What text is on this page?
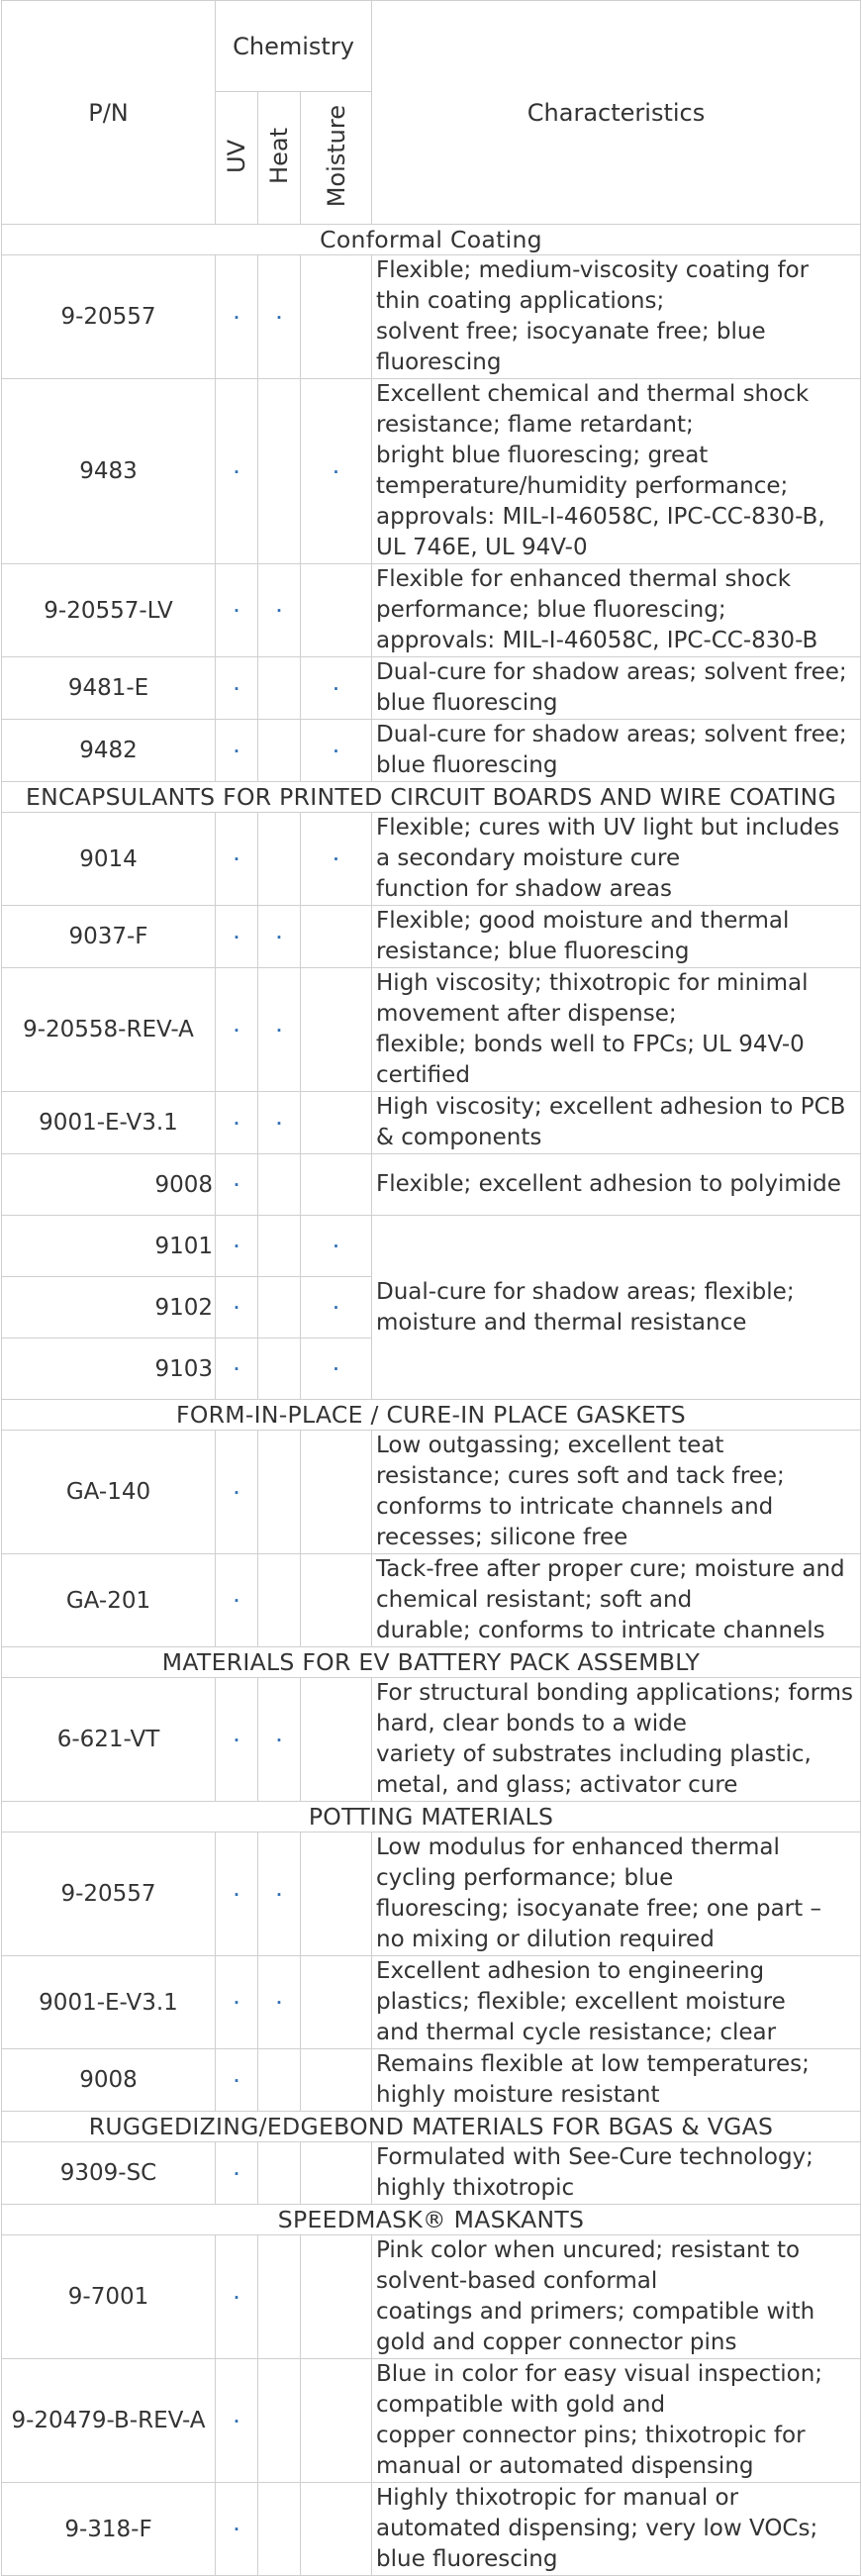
P/N	Chemistry			Characteristics
	UV	Heat	Moisture	
Conformal Coating				
9-20557	·	·		Flexible; medium-viscosity coating for thin coating applications;
solvent free; isocyanate free; blue fluorescing

9483	·		·	Excellent chemical and thermal shock resistance; flame retardant;
bright blue fluorescing; great temperature/humidity performance;
approvals: MIL-I-46058C, IPC-CC-830-B, UL 746E, UL 94V-0

9-20557-LV	·	·		Flexible for enhanced thermal shock performance; blue fluorescing;
approvals: MIL-I-46058C, IPC-CC-830-B

9481-E	·		·	Dual-cure for shadow areas; solvent free; blue fluorescing

9482	·		·	Dual-cure for shadow areas; solvent free; blue fluorescing

ENCAPSULANTS FOR PRINTED CIRCUIT BOARDS AND WIRE COATING				
9014	·		·	Flexible; cures with UV light but includes a secondary moisture cure
function for shadow areas

9037-F	·	·		Flexible; good moisture and thermal resistance; blue fluorescing

9-20558-REV-A	·	·		High viscosity; thixotropic for minimal movement after dispense;
flexible; bonds well to FPCs; UL 94V-0 certified

9001-E-V3.1	·	·		High viscosity; excellent adhesion to PCB & components

9008	·			Flexible; excellent adhesion to polyimide

9101	·		·	Dual-cure for shadow areas; flexible; moisture and thermal resistance

9102	·		·	
9103	·		·	
FORM-IN-PLACE / CURE-IN PLACE GASKETS				
GA-140	·			Low outgassing; excellent teat resistance; cures soft and tack free;
conforms to intricate channels and recesses; silicone free

GA-201	·			Tack-free after proper cure; moisture and chemical resistant; soft and
durable; conforms to intricate channels

MATERIALS FOR EV BATTERY PACK ASSEMBLY				
6-621-VT	·	·		For structural bonding applications; forms hard, clear bonds to a wide
variety of substrates including plastic, metal, and glass; activator cure

POTTING MATERIALS				
9-20557	·	·		Low modulus for enhanced thermal cycling performance; blue
fluorescing; isocyanate free; one part – no mixing or dilution required

9001-E-V3.1	·	·		Excellent adhesion to engineering plastics; flexible; excellent moisture
and thermal cycle resistance; clear

9008	·			Remains flexible at low temperatures; highly moisture resistant

RUGGEDIZING/EDGEBOND MATERIALS FOR BGAS & VGAS				
9309-SC	·			Formulated with See-Cure technology; highly thixotropic

SPEEDMASK® MASKANTS				
9-7001	·			Pink color when uncured; resistant to solvent-based conformal
coatings and primers; compatible with gold and copper connector pins

9-20479-B-REV-A	·			Blue in color for easy visual inspection; compatible with gold and
copper connector pins; thixotropic for manual or automated dispensing

9-318-F	·			Highly thixotropic for manual or automated dispensing; very low VOCs;
blue fluorescing
